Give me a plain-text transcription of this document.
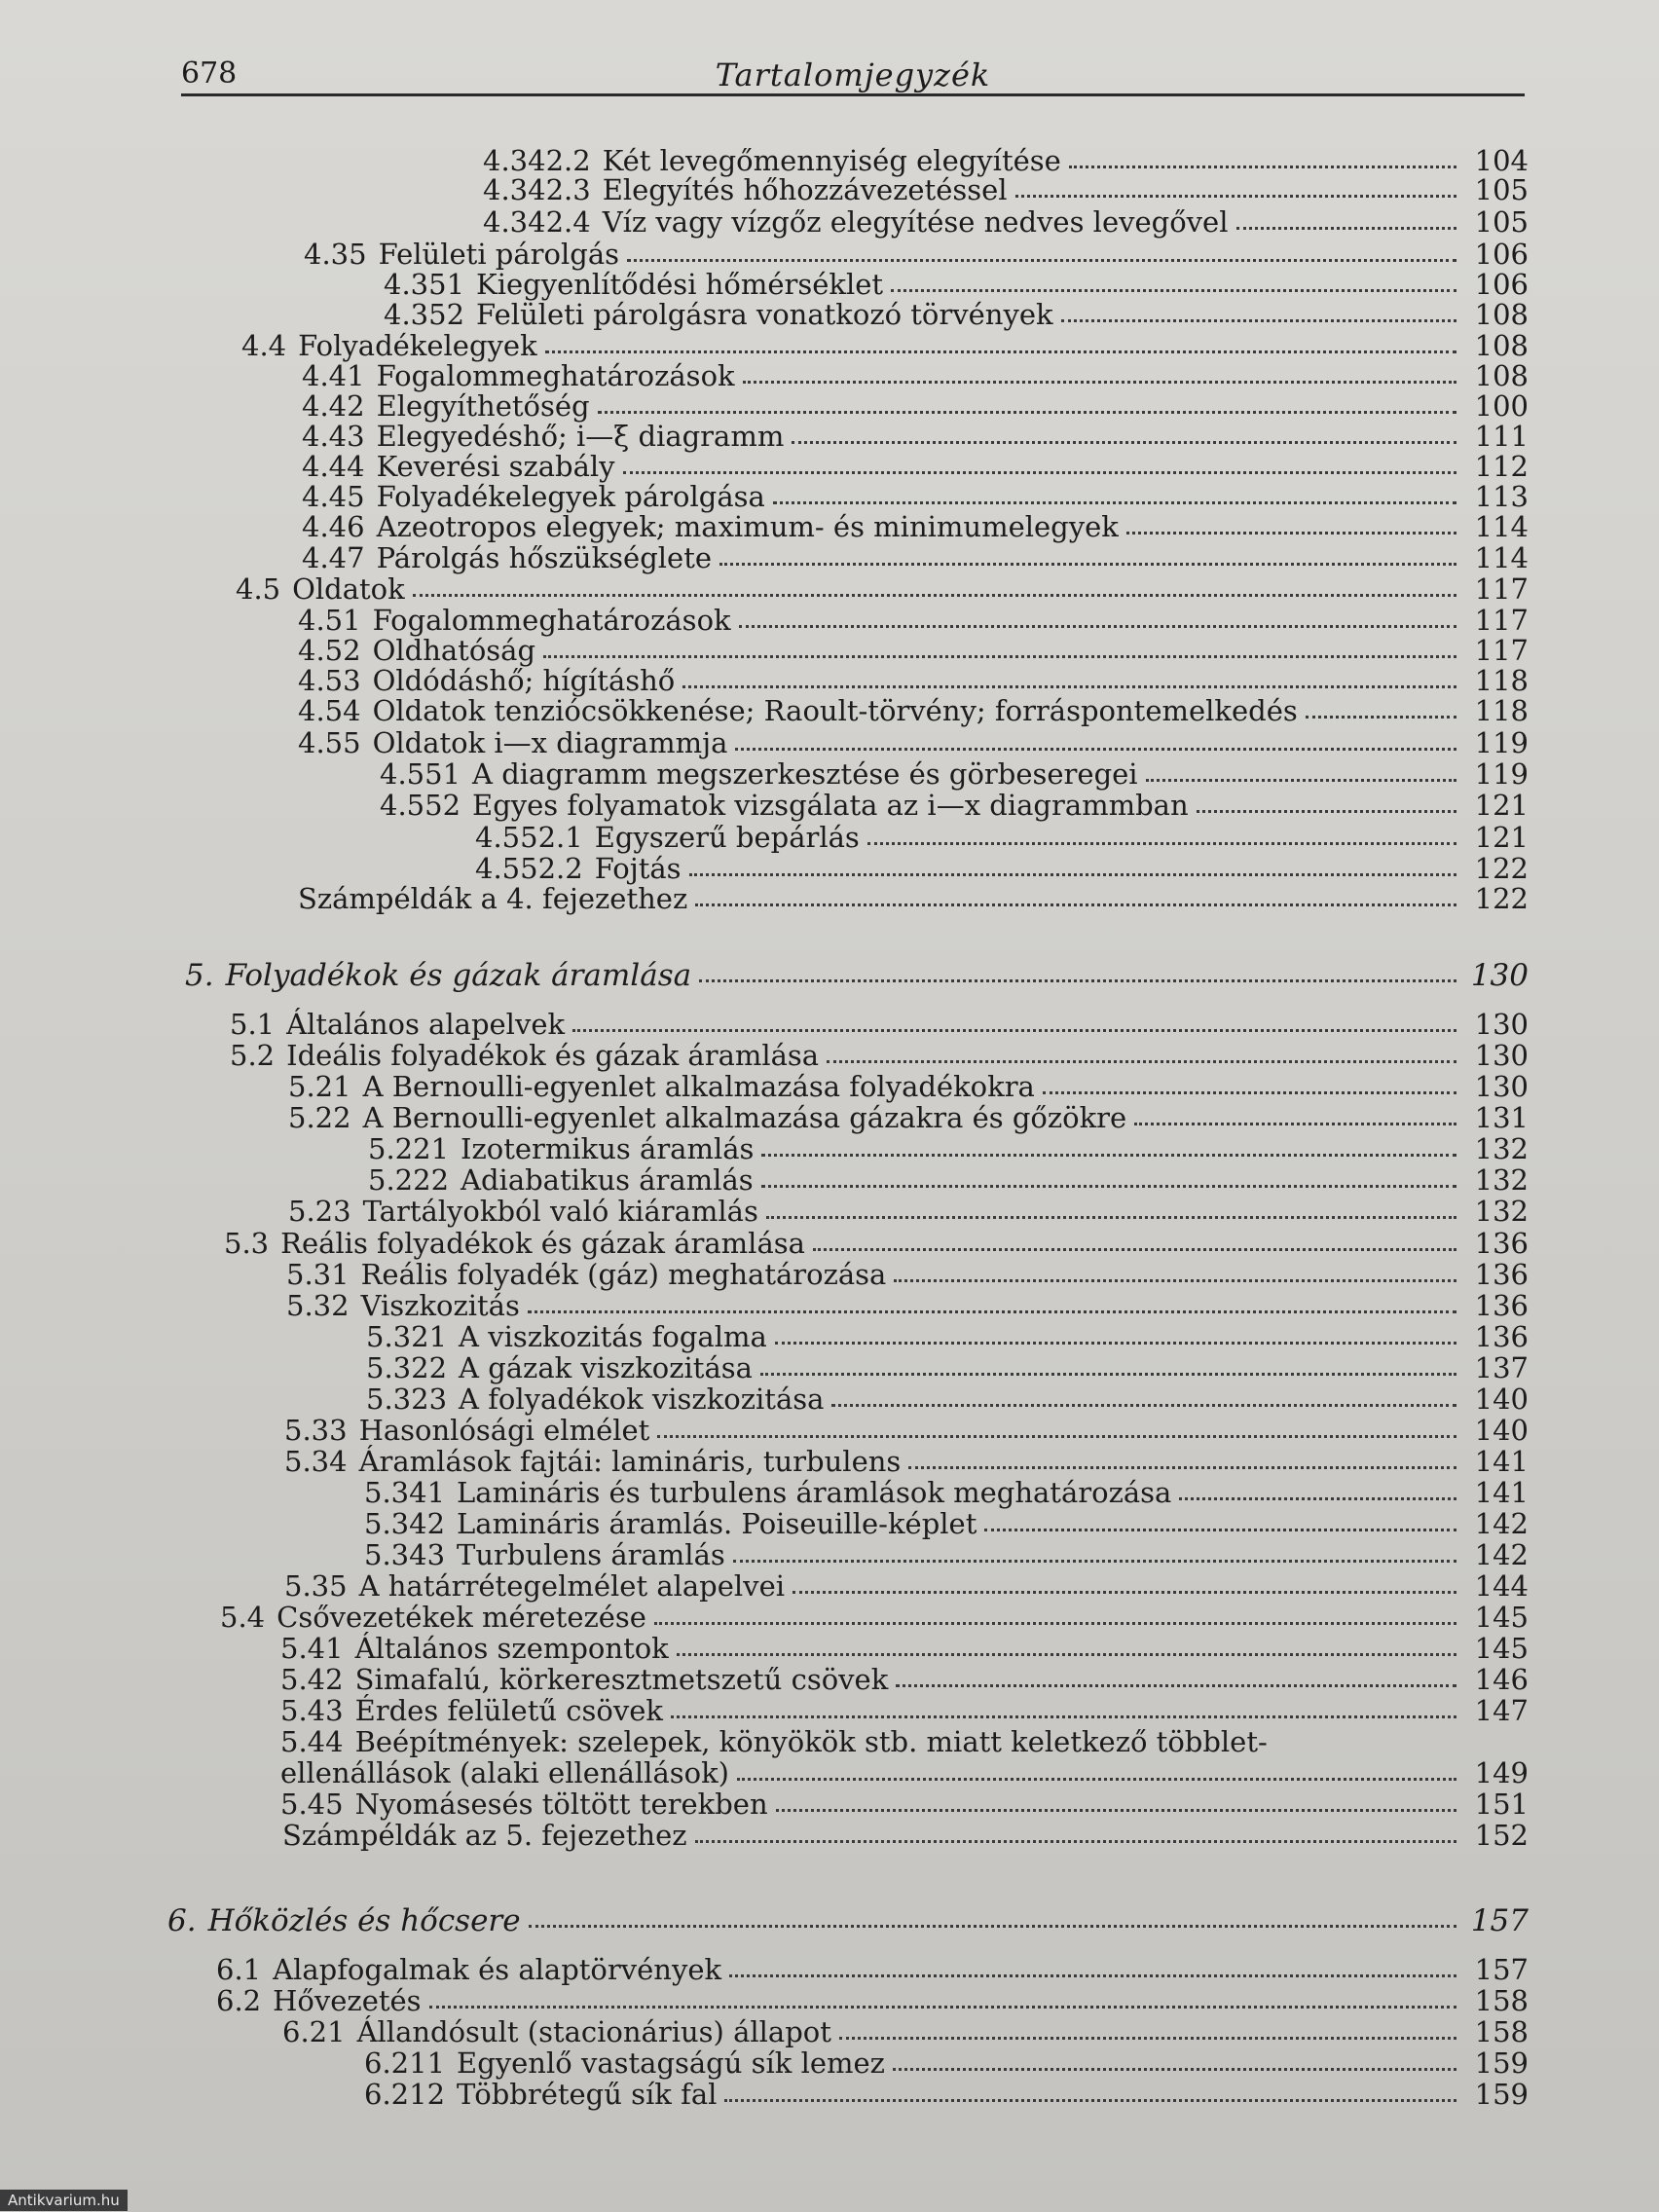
678	Tartalomjegyzék
4.342.2 Két levegőmennyiség elegyítése	104
4.342.3 Elegyítés hőhozzávezetéssel	105
4.342.4 Víz vagy vízgőz elegyítése nedves levegővel	105
4.35 Felületi párolgás	106
4.351 Kiegyenlítődési hőmérséklet	106
4.352 Felületi párolgásra vonatkozó törvények	108
4.4 Folyadékelegyek	108
4.41 Fogalommeghatározások	108
4.42 Elegyíthetőség	100
4.43 Elegyedéshő; i—ξ diagramm	111
4.44 Keverési szabály	112
4.45 Folyadékelegyek párolgása	113
4.46 Azeotropos elegyek; maximum- és minimumelegyek	114
4.47 Párolgás hőszükséglete	114
4.5 Oldatok	117
4.51 Fogalommeghatározások	117
4.52 Oldhatóság	117
4.53 Oldódáshő; hígításhő	118
4.54 Oldatok tenziócsökkenése; Raoult-törvény; forráspontemelkedés	118
4.55 Oldatok i—x diagrammja	119
4.551 A diagramm megszerkesztése és görbeseregei	119
4.552 Egyes folyamatok vizsgálata az i—x diagrammban	121
4.552.1 Egyszerű bepárlás	121
4.552.2 Fojtás	122
Számpéldák a 4. fejezethez	122
5. Folyadékok és gázak áramlása	130
5.1 Általános alapelvek	130
5.2 Ideális folyadékok és gázak áramlása	130
5.21 A Bernoulli-egyenlet alkalmazása folyadékokra	130
5.22 A Bernoulli-egyenlet alkalmazása gázakra és gőzökre	131
5.221 Izotermikus áramlás	132
5.222 Adiabatikus áramlás	132
5.23 Tartályokból való kiáramlás	132
5.3 Reális folyadékok és gázak áramlása	136
5.31 Reális folyadék (gáz) meghatározása	136
5.32 Viszkozitás	136
5.321 A viszkozitás fogalma	136
5.322 A gázak viszkozitása	137
5.323 A folyadékok viszkozitása	140
5.33 Hasonlósági elmélet	140
5.34 Áramlások fajtái: lamináris, turbulens	141
5.341 Lamináris és turbulens áramlások meghatározása	141
5.342 Lamináris áramlás. Poiseuille-képlet	142
5.343 Turbulens áramlás	142
5.35 A határrétegelmélet alapelvei	144
5.4 Csővezetékek méretezése	145
5.41 Általános szempontok	145
5.42 Simafalú, körkeresztmetszetű csövek	146
5.43 Érdes felületű csövek	147
5.44 Beépítmények: szelepek, könyökök stb. miatt keletkező többlet-
ellenállások (alaki ellenállások)	149
5.45 Nyomásesés töltött terekben	151
Számpéldák az 5. fejezethez	152
6. Hőközlés és hőcsere	157
6.1 Alapfogalmak és alaptörvények	157
6.2 Hővezetés	158
6.21 Állandósult (stacionárius) állapot	158
6.211 Egyenlő vastagságú sík lemez	159
6.212 Többrétegű sík fal	159
Antikvarium.hu
